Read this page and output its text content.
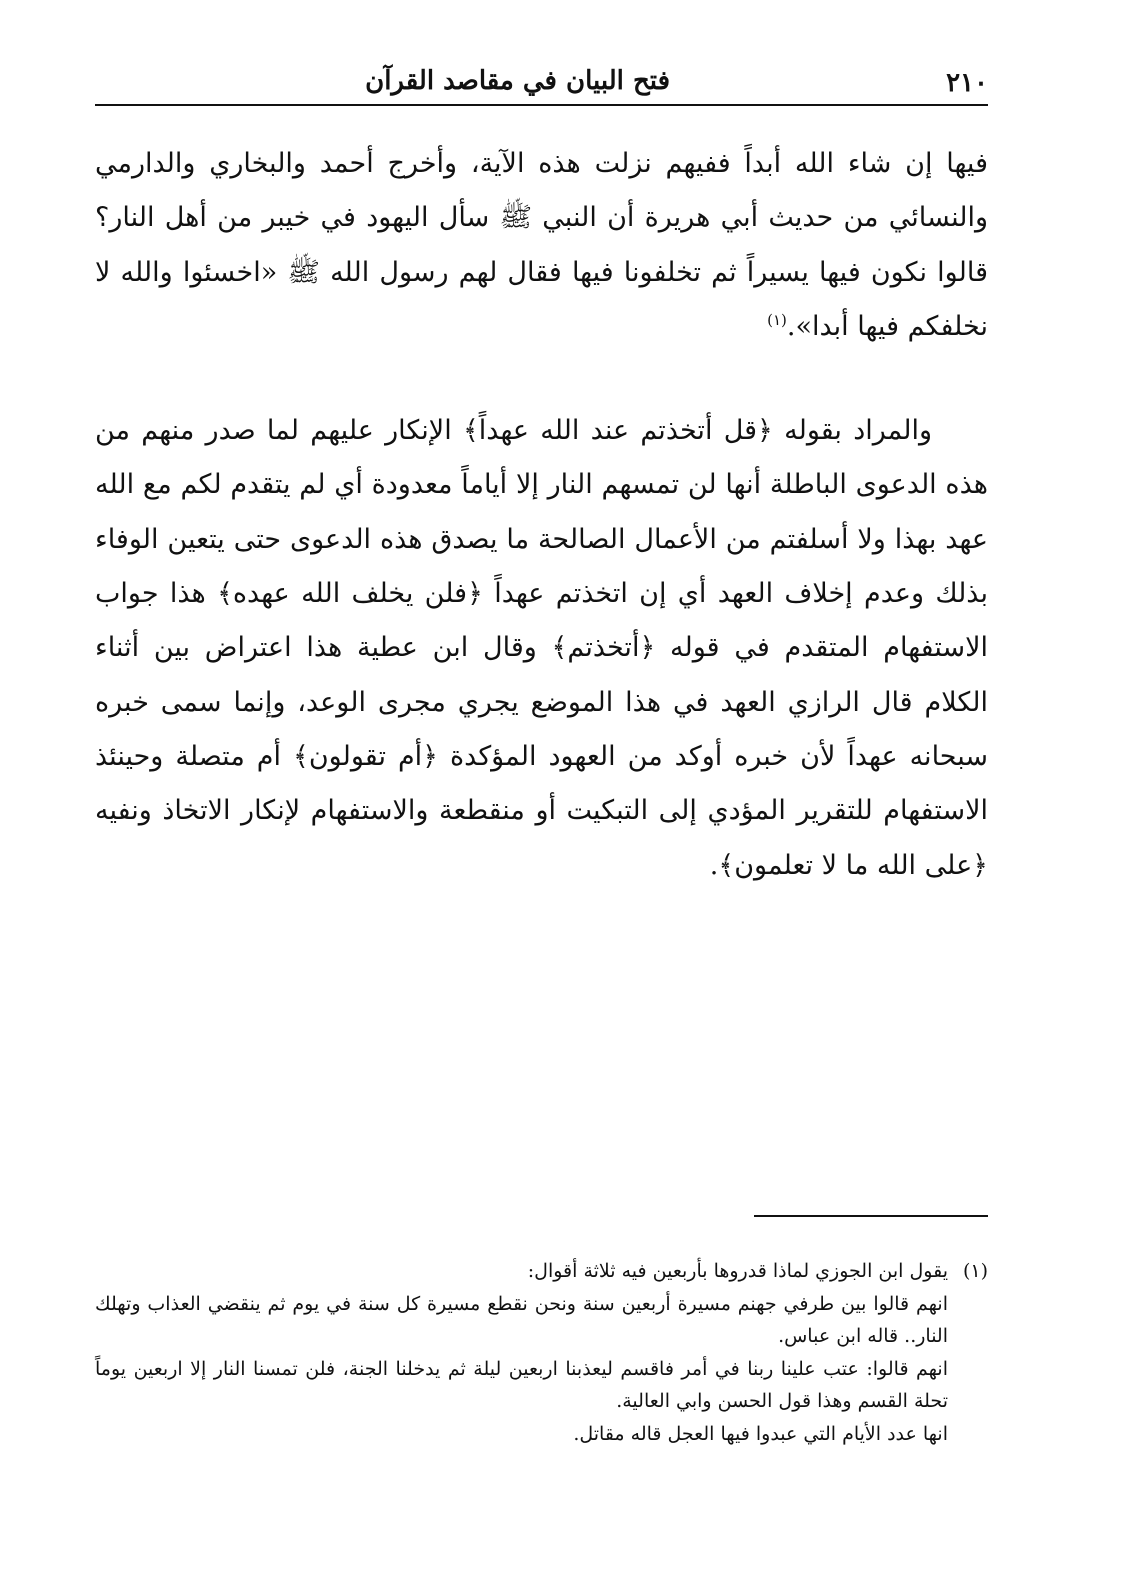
٢١٠
فتح البيان في مقاصد القرآن

فيها إن شاء الله أبداً ففيهم نزلت هذه الآية، وأخرج أحمد والبخاري والدارمي والنسائي من حديث أبي هريرة أن النبي ﷺ سأل اليهود في خيبر من أهل النار؟ قالوا نكون فيها يسيراً ثم تخلفونا فيها فقال لهم رسول الله ﷺ «اخسئوا والله لا نخلفكم فيها أبدا».$^{(١)}$

والمراد بقوله ﴿قل أتخذتم عند الله عهداً﴾ الإنكار عليهم لما صدر منهم من هذه الدعوى الباطلة أنها لن تمسهم النار إلا أياماً معدودة أي لم يتقدم لكم مع الله عهد بهذا ولا أسلفتم من الأعمال الصالحة ما يصدق هذه الدعوى حتى يتعين الوفاء بذلك وعدم إخلاف العهد أي إن اتخذتم عهداً ﴿فلن يخلف الله عهده﴾ هذا جواب الاستفهام المتقدم في قوله ﴿أتخذتم﴾ وقال ابن عطية هذا اعتراض بين أثناء الكلام قال الرازي العهد في هذا الموضع يجري مجرى الوعد، وإنما سمى خبره سبحانه عهداً لأن خبره أوكد من العهود المؤكدة ﴿أم تقولون﴾ أم متصلة وحينئذ الاستفهام للتقرير المؤدي إلى التبكيت أو منقطعة والاستفهام لإنكار الاتخاذ ونفيه ﴿على الله ما لا تعلمون﴾.

(١)يقول ابن الجوزي لماذا قدروها بأربعين فيه ثلاثة أقوال:

انهم قالوا بين طرفي جهنم مسيرة أربعين سنة ونحن نقطع مسيرة كل سنة في يوم ثم ينقضي العذاب وتهلك النار.. قاله ابن عباس.

انهم قالوا: عتب علينا ربنا في أمر فاقسم ليعذبنا اربعين ليلة ثم يدخلنا الجنة، فلن تمسنا النار إلا اربعين يوماً تحلة القسم وهذا قول الحسن وابي العالية.

انها عدد الأيام التي عبدوا فيها العجل قاله مقاتل.
